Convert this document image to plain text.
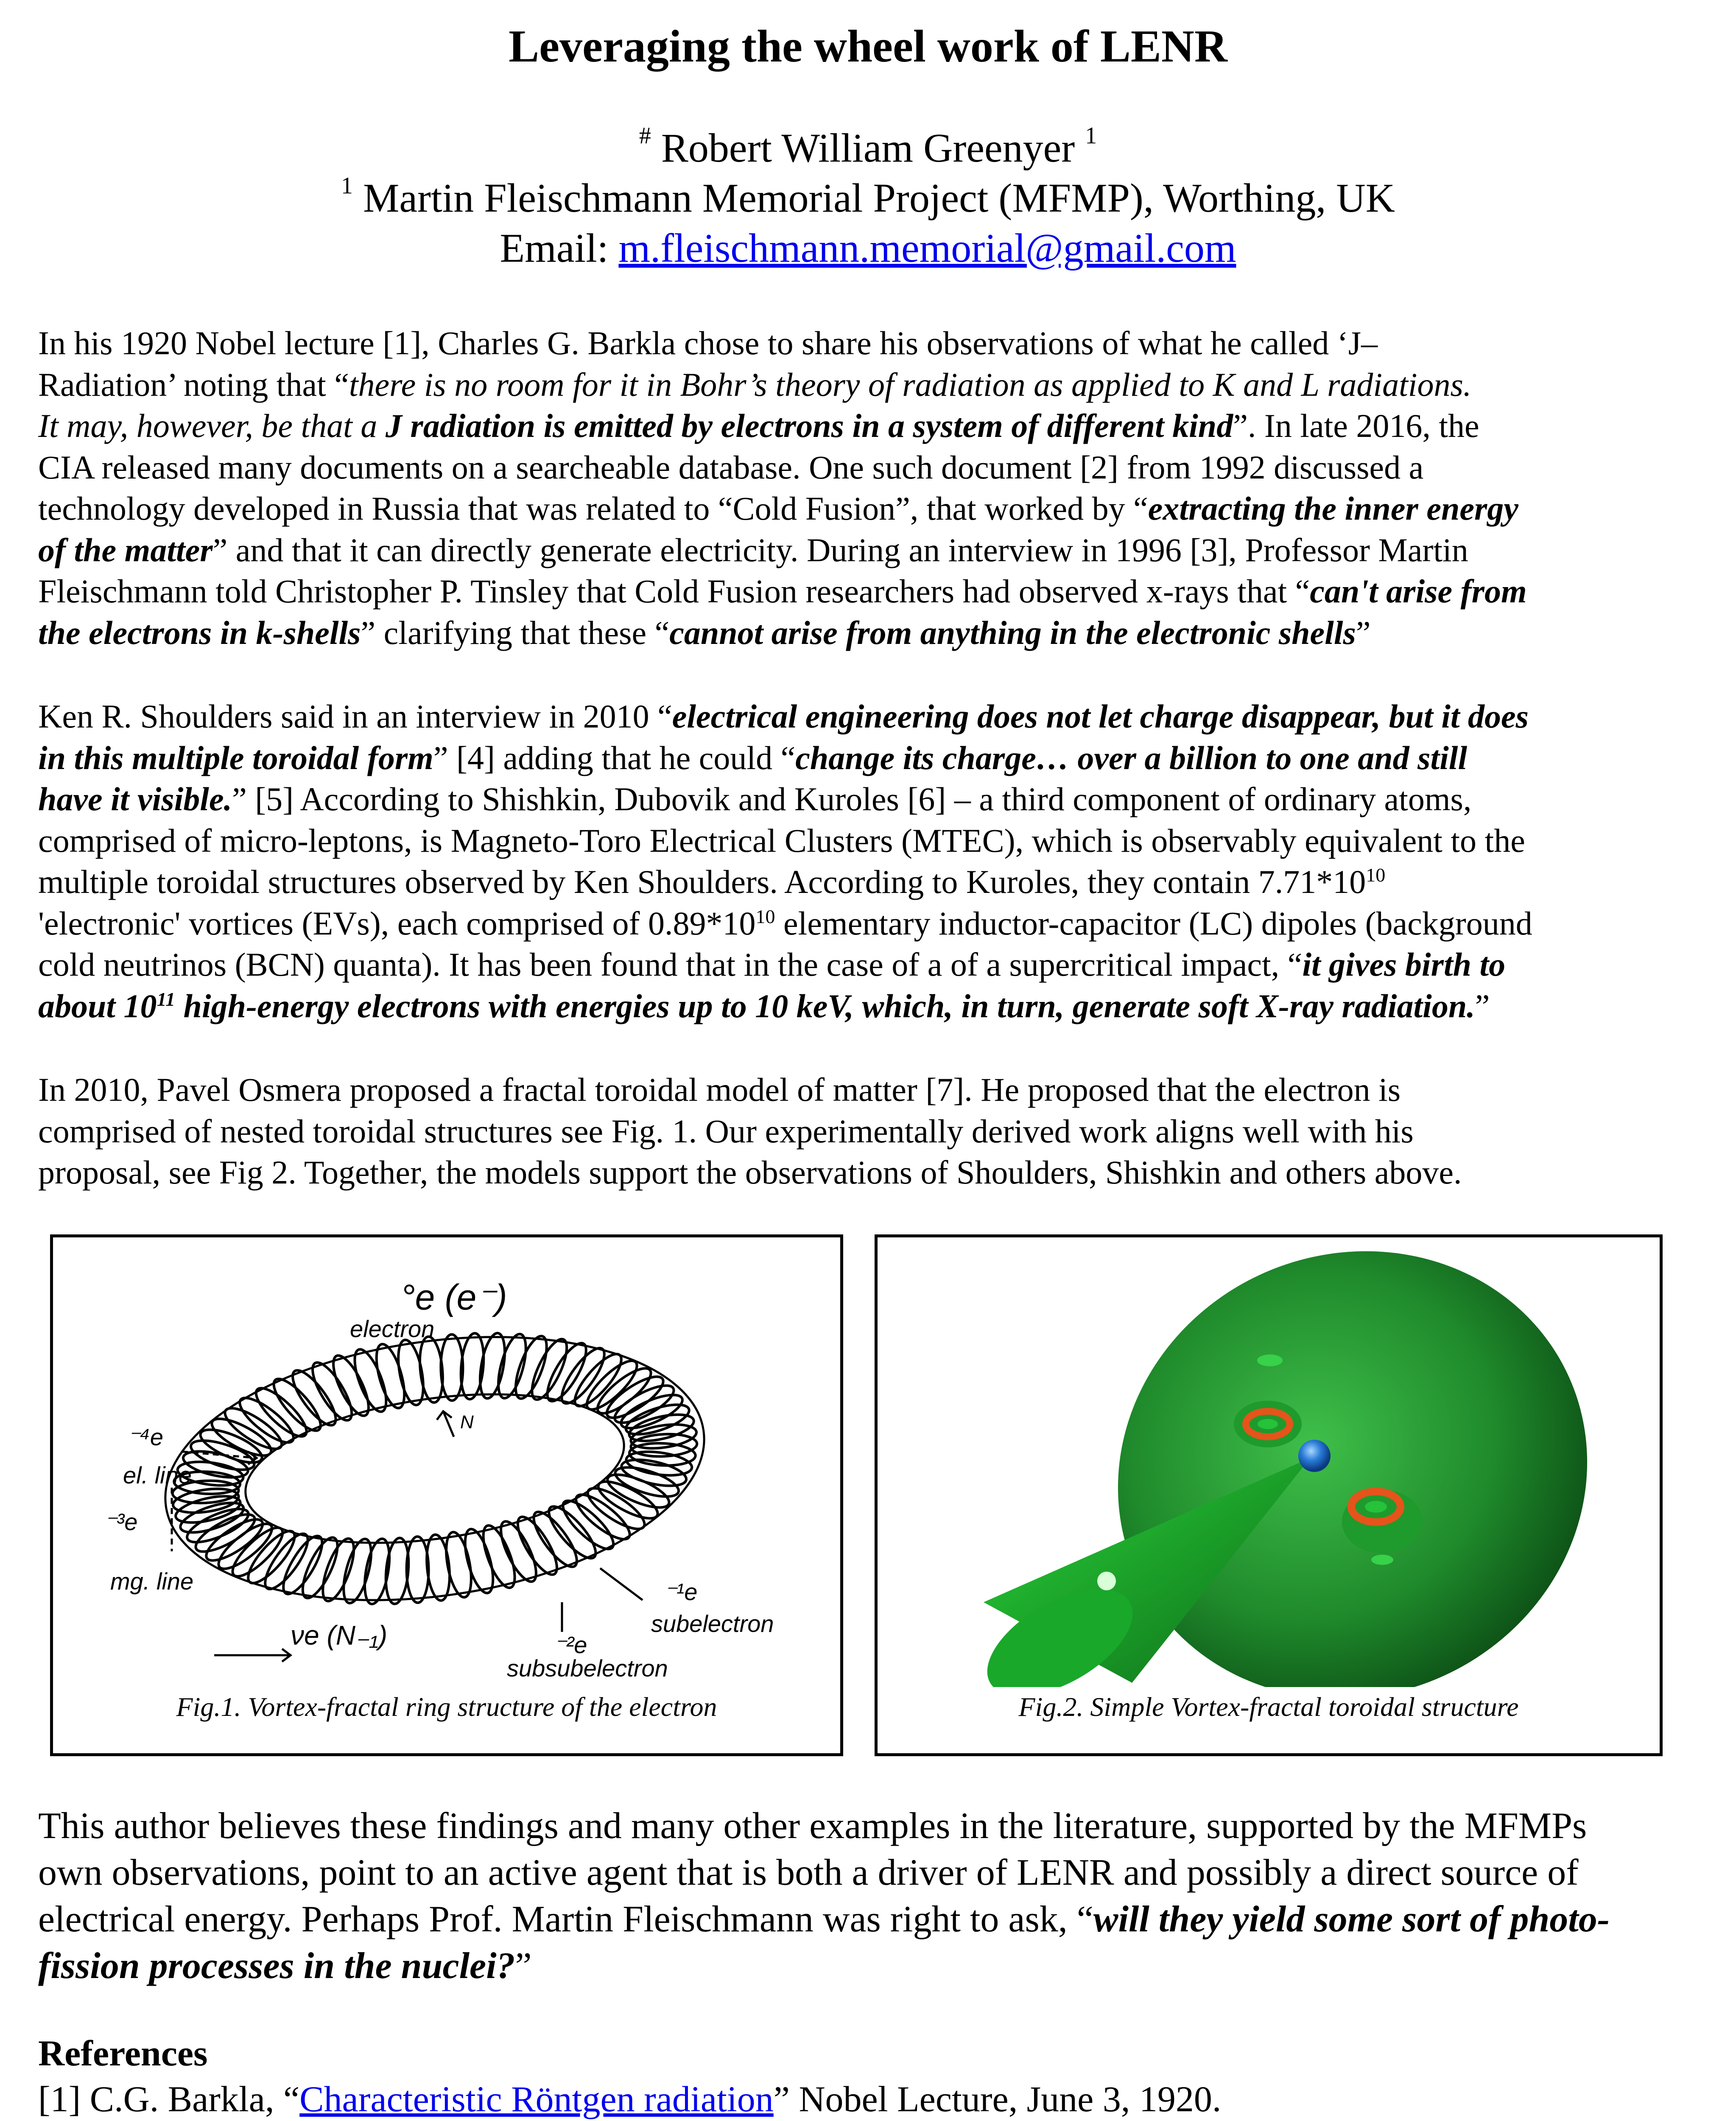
Leveraging the wheel work of LENR
# Robert William Greenyer $^1$
$^1$ Martin Fleischmann Memorial Project (MFMP), Worthing, UK
Email: m.fleischmann.memorial@gmail.com
In his 1920 Nobel lecture [1], Charles G. Barkla chose to share his observations of what he called ‘J–
Radiation’ noting that “there is no room for it in Bohr’s theory of radiation as applied to K and L radiations.
It may, however, be that a J radiation is emitted by electrons in a system of different kind”. In late 2016, the
CIA released many documents on a searcheable database. One such document [2] from 1992 discussed a
technology developed in Russia that was related to “Cold Fusion”, that worked by “extracting the inner energy
of the matter” and that it can directly generate electricity. During an interview in 1996 [3], Professor Martin
Fleischmann told Christopher P. Tinsley that Cold Fusion researchers had observed x-rays that “can't arise from
the electrons in k-shells” clarifying that these “cannot arise from anything in the electronic shells”
Ken R. Shoulders said in an interview in 2010 “electrical engineering does not let charge disappear, but it does
in this multiple toroidal form” [4] adding that he could “change its charge… over a billion to one and still
have it visible.” [5] According to Shishkin, Dubovik and Kuroles [6] – a third component of ordinary atoms,
comprised of micro-leptons, is Magneto-Toro Electrical Clusters (MTEC), which is observably equivalent to the
multiple toroidal structures observed by Ken Shoulders. According to Kuroles, they contain $7.71*10^{10}$
'electronic' vortices (EVs), each comprised of $0.89*10^{10}$ elementary inductor-capacitor (LC) dipoles (background
cold neutrinos (BCN) quanta). It has been found that in the case of a of a supercritical impact, “it gives birth to
about $10^{11}$ high-energy electrons with energies up to 10 keV, which, in turn, generate soft X-ray radiation.”
In 2010, Pavel Osmera proposed a fractal toroidal model of matter [7]. He proposed that the electron is
comprised of nested toroidal structures see Fig. 1. Our experimentally derived work aligns well with his
proposal, see Fig 2. Together, the models support the observations of Shoulders, Shishkin and others above.
°e (e⁻)
electron
N
⁻⁴e
el. line
⁻³e
mg. line	⁻¹e
subelectron
νe (N₋₁)	⁻²e
subsubelectron
Fig.1. Vortex-fractal ring structure of the electron	Fig.2. Simple Vortex-fractal toroidal structure
This author believes these findings and many other examples in the literature, supported by the MFMPs
own observations, point to an active agent that is both a driver of LENR and possibly a direct source of
electrical energy. Perhaps Prof. Martin Fleischmann was right to ask, “will they yield some sort of photo-
fission processes in the nuclei?”
References
[1] C.G. Barkla, “Characteristic Röntgen radiation” Nobel Lecture, June 3, 1920.
